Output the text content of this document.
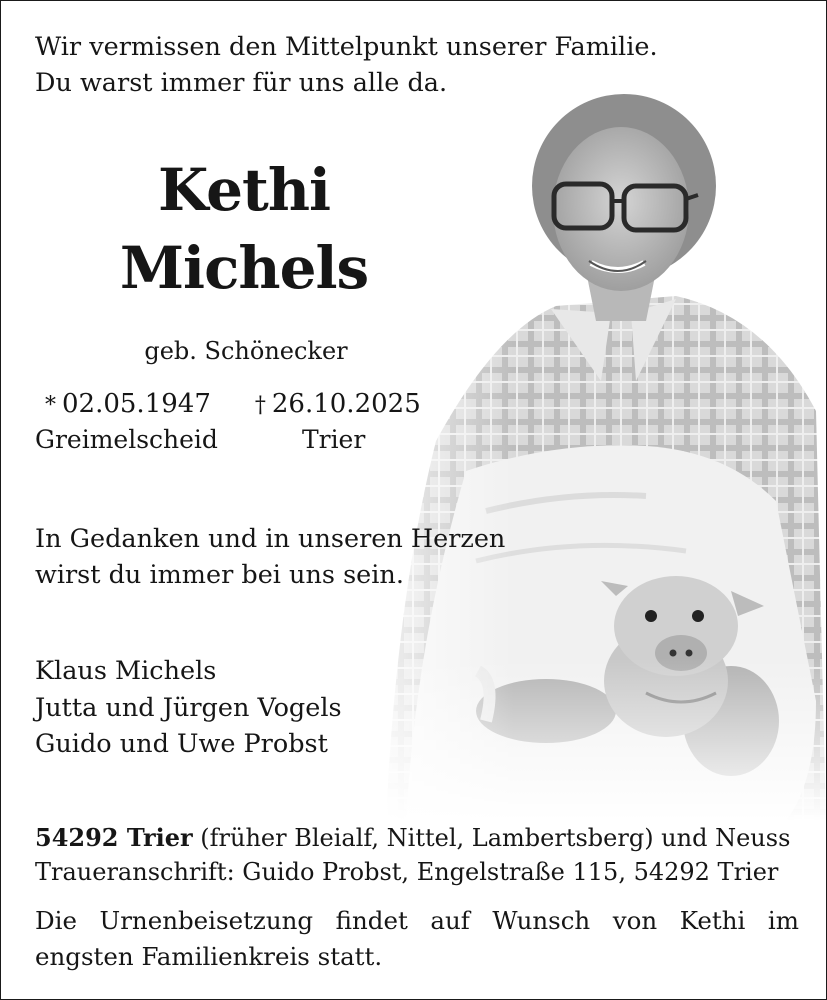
Wir vermissen den Mittelpunkt unserer Familie.
Du warst immer für uns alle da.
Kethi
Michels
geb. Schönecker
* 02.05.1947 † 26.10.2025
Greimelscheid	Trier
In Gedanken und in unseren Herzen
wirst du immer bei uns sein.
Klaus Michels
Jutta und Jürgen Vogels
Guido und Uwe Probst
54292 Trier (früher Bleialf, Nittel, Lambertsberg) und Neuss
Traueranschrift: Guido Probst, Engelstraße 115, 54292 Trier
Die Urnenbeisetzung findet auf Wunsch von Kethi im
engsten Familienkreis statt.
